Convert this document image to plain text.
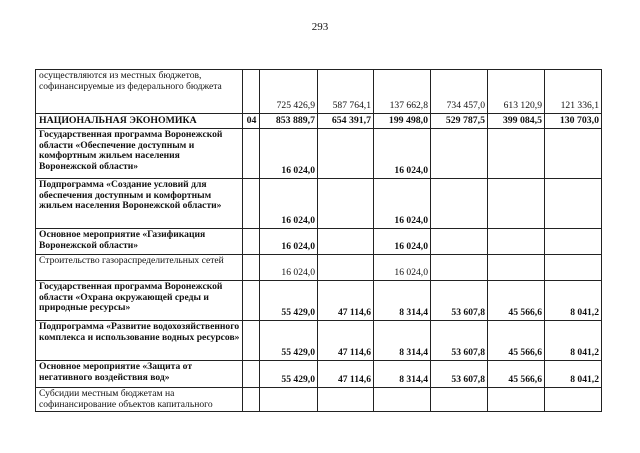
293
осуществляются из местных бюджетов, софинансируемые из федерального бюджета		725 426,9	587 764,1	137 662,8	734 457,0	613 120,9	121 336,1
НАЦИОНАЛЬНАЯ ЭКОНОМИКА	04	853 889,7	654 391,7	199 498,0	529 787,5	399 084,5	130 703,0
Государственная программа Воронежской области «Обеспечение доступным и комфортным жильем населения Воронежской области»		16 024,0		16 024,0			
Подпрограмма «Создание условий для обеспечения доступным и комфортным жильем населения Воронежской области»		16 024,0		16 024,0			
Основное мероприятие «Газификация Воронежской области»		16 024,0		16 024,0			
Строительство газораспределительных сетей		16 024,0		16 024,0			
Государственная программа Воронежской области «Охрана окружающей среды и природные ресурсы»		55 429,0	47 114,6	8 314,4	53 607,8	45 566,6	8 041,2
Подпрограмма «Развитие водохозяйственного комплекса и использование водных ресурсов»		55 429,0	47 114,6	8 314,4	53 607,8	45 566,6	8 041,2
Основное мероприятие «Защита от негативного воздействия вод»		55 429,0	47 114,6	8 314,4	53 607,8	45 566,6	8 041,2
Субсидии местным бюджетам на софинансирование объектов капитального							
